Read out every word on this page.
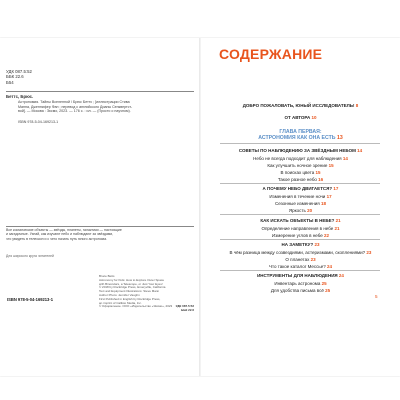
УДК 087.5:52
ББК 22.6
Б54
Беттс, Брюс.
Астрономия. Тайны Вселенной / Брюс Беттс ; [иллюстрации Стива
Манна, Дженнифер Фан ; перевод с английского Дианы Сенквертст-
вой]. — Москва : Эксмо, 2023. — 176 с. : ил. — (Просто о научном).
ISBN 978-5-04-169213-1
Все космические объекты — звёзды, планеты, галактики — настоящие
и загадочные. Узнай, как изучают небо и наблюдают за звёздами,
что увидеть в телескоп и с чего начать путь юного астронома.
Для широкого круга читателей
Bruce Betts
Astronomy for Kids: How to Explore Outer Space
with Binoculars, a Telescope, or Just Your Eyes!
© 2018 by Rockridge Press, Emeryville, California
Text and Equipment Illustrations: Steve Mann
Author Photo: Jennifer Vaughn
First Published in English by Rockridge Press,
an imprint of Callisto Media, Inc.
© Оформление. ООО «Издательство «Эксмо», 2023	УДК 087.5:52
ББК 22.6
ISBN 978-5-04-169213-1
ДОБРО ПОЖАЛОВАТЬ, ЮНЫЙ ИССЛЕДОВАТЕЛЬ! 8
ОТ АВТОРА 10
ГЛАВА ПЕРВАЯ:
АСТРОНОМИЯ КАК ОНА ЕСТЬ 13
СОВЕТЫ ПО НАБЛЮДЕНИЮ ЗА ЗВЁЗДНЫМ НЕБОМ 14
Небо не всегда подходит для наблюдения 14
Как улучшить ночное зрение 15
В поисках цвета 15
Такое разное небо 16
А ПОЧЕМУ НЕБО ДВИГАЕТСЯ? 17
Изменения в течение ночи 17
Сезонные изменения 18
Яркость 20
КАК ИСКАТЬ ОБЪЕКТЫ В НЕБЕ? 21
Определение направления в небе 21
Измерение углов в небе 22
НА ЗАМЕТКУ? 23
В чём разница между созвездиями, астеризмами, скоплениями? 23
О планетах 23
Что такое каталог Мессье? 24
ИНСТРУМЕНТЫ ДЛЯ НАБЛЮДЕНИЯ 24
Инвентарь астронома 25
Для удобства письма всё 25
СОДЕРЖАНИЕ
5
